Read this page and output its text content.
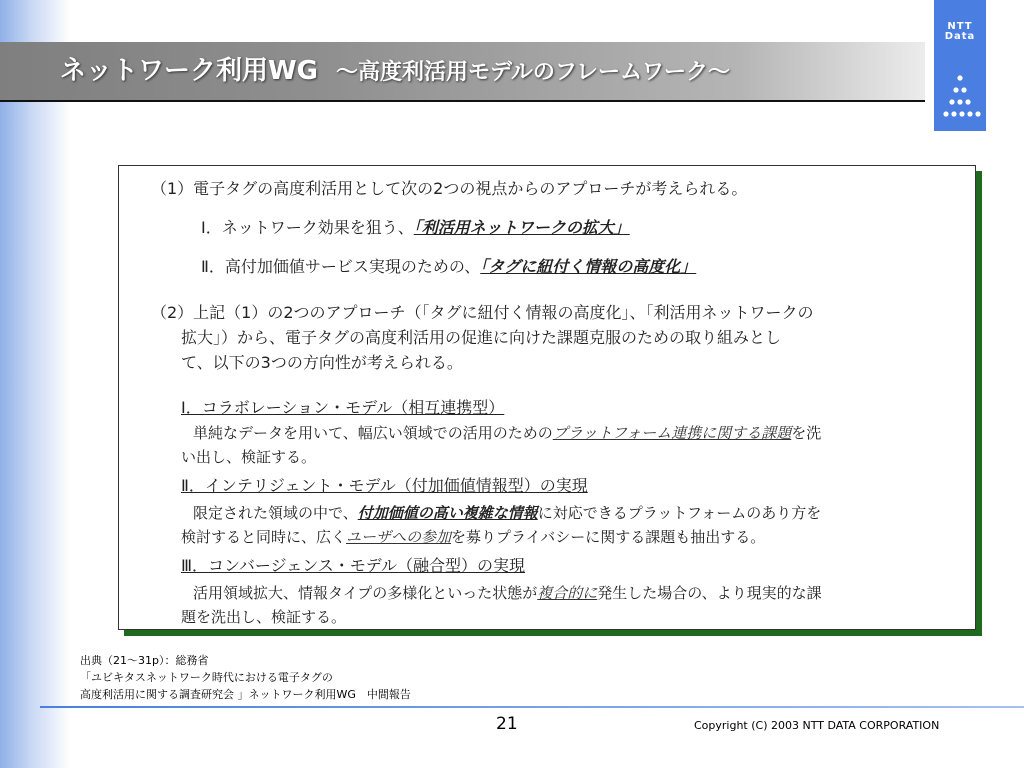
ネットワーク利用WG ～高度利活用モデルのフレームワーク～
NTT
Data
（1）電子タグの高度利活用として次の2つの視点からのアプローチが考えられる。
Ⅰ．ネットワーク効果を狙う、「利活用ネットワークの拡大」
Ⅱ．高付加価値サービス実現のための、「タグに紐付く情報の高度化」
（2）上記（1）の2つのアプローチ（「タグに紐付く情報の高度化」、「利活用ネットワークの
拡大」）から、電子タグの高度利活用の促進に向けた課題克服のための取り組みとし
て、以下の3つの方向性が考えられる。
Ⅰ．コラボレーション・モデル（相互連携型）
単純なデータを用いて、幅広い領域での活用のためのプラットフォーム連携に関する課題を洗
い出し、検証する。
Ⅱ．インテリジェント・モデル（付加価値情報型）の実現
限定された領域の中で、付加価値の高い複雑な情報に対応できるプラットフォームのあり方を
検討すると同時に、広くユーザへの参加を募りプライバシーに関する課題も抽出する。
Ⅲ．コンバージェンス・モデル（融合型）の実現
活用領域拡大、情報タイプの多様化といった状態が複合的に発生した場合の、より現実的な課
題を洗出し、検証する。
出典（21～31p）：総務省
「ユビキタスネットワーク時代における電子タグの
高度利活用に関する調査研究会 」ネットワーク利用WG　中間報告
21	Copyright (C) 2003 NTT DATA CORPORATION
